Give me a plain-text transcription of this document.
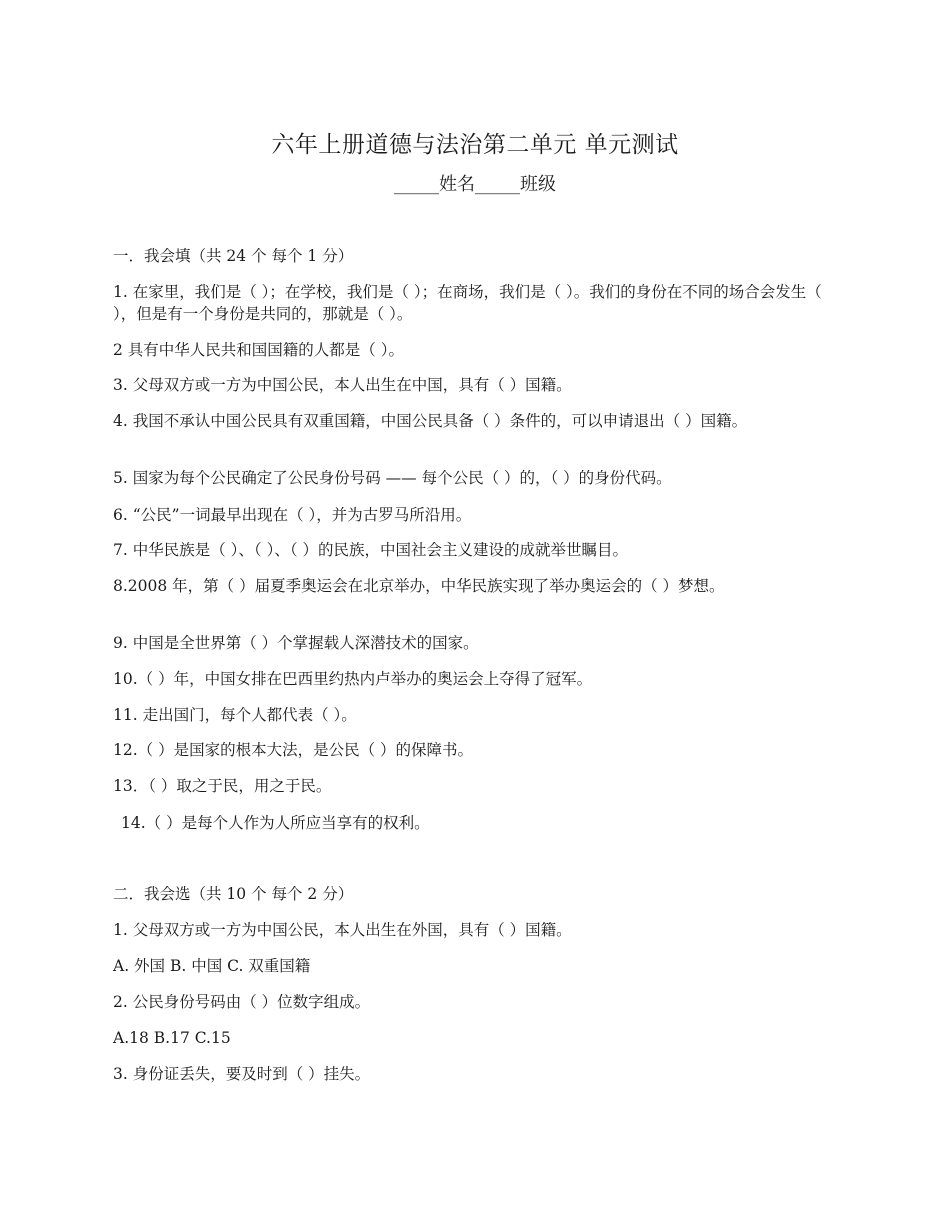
六年上册道德与法治第二单元 单元测试
_____姓名_____班级
一．我会填（共 24 个 每个 1 分）
1. 在家里，我们是（ ）；在学校，我们是（ ）；在商场，我们是（ ）。我们的身份在不同的场合会发生（ ），但是有一个身份是共同的，那就是（ ）。
2 具有中华人民共和国国籍的人都是（ ）。
3. 父母双方或一方为中国公民，本人出生在中国，具有（ ）国籍。
4. 我国不承认中国公民具有双重国籍，中国公民具备（ ）条件的，可以申请退出（ ）国籍。
5. 国家为每个公民确定了公民身份号码 —— 每个公民（ ）的，（ ）的身份代码。
6. “公民”一词最早出现在（ ），并为古罗马所沿用。
7. 中华民族是（ ）、（ ）、（ ）的民族，中国社会主义建设的成就举世瞩目。
8.2008 年，第（ ）届夏季奥运会在北京举办，中华民族实现了举办奥运会的（ ）梦想。
9. 中国是全世界第（ ）个掌握载人深潜技术的国家。
10.（ ）年，中国女排在巴西里约热内卢举办的奥运会上夺得了冠军。
11. 走出国门，每个人都代表（ ）。
12.（ ）是国家的根本大法，是公民（ ）的保障书。
13．（ ）取之于民，用之于民。
14.（ ）是每个人作为人所应当享有的权利。
二．我会选（共 10 个 每个 2 分）
1. 父母双方或一方为中国公民，本人出生在外国，具有（ ）国籍。
A. 外国 B. 中国 C. 双重国籍
2. 公民身份号码由（ ）位数字组成。
A.18 B.17 C.15
3. 身份证丢失，要及时到（ ）挂失。
